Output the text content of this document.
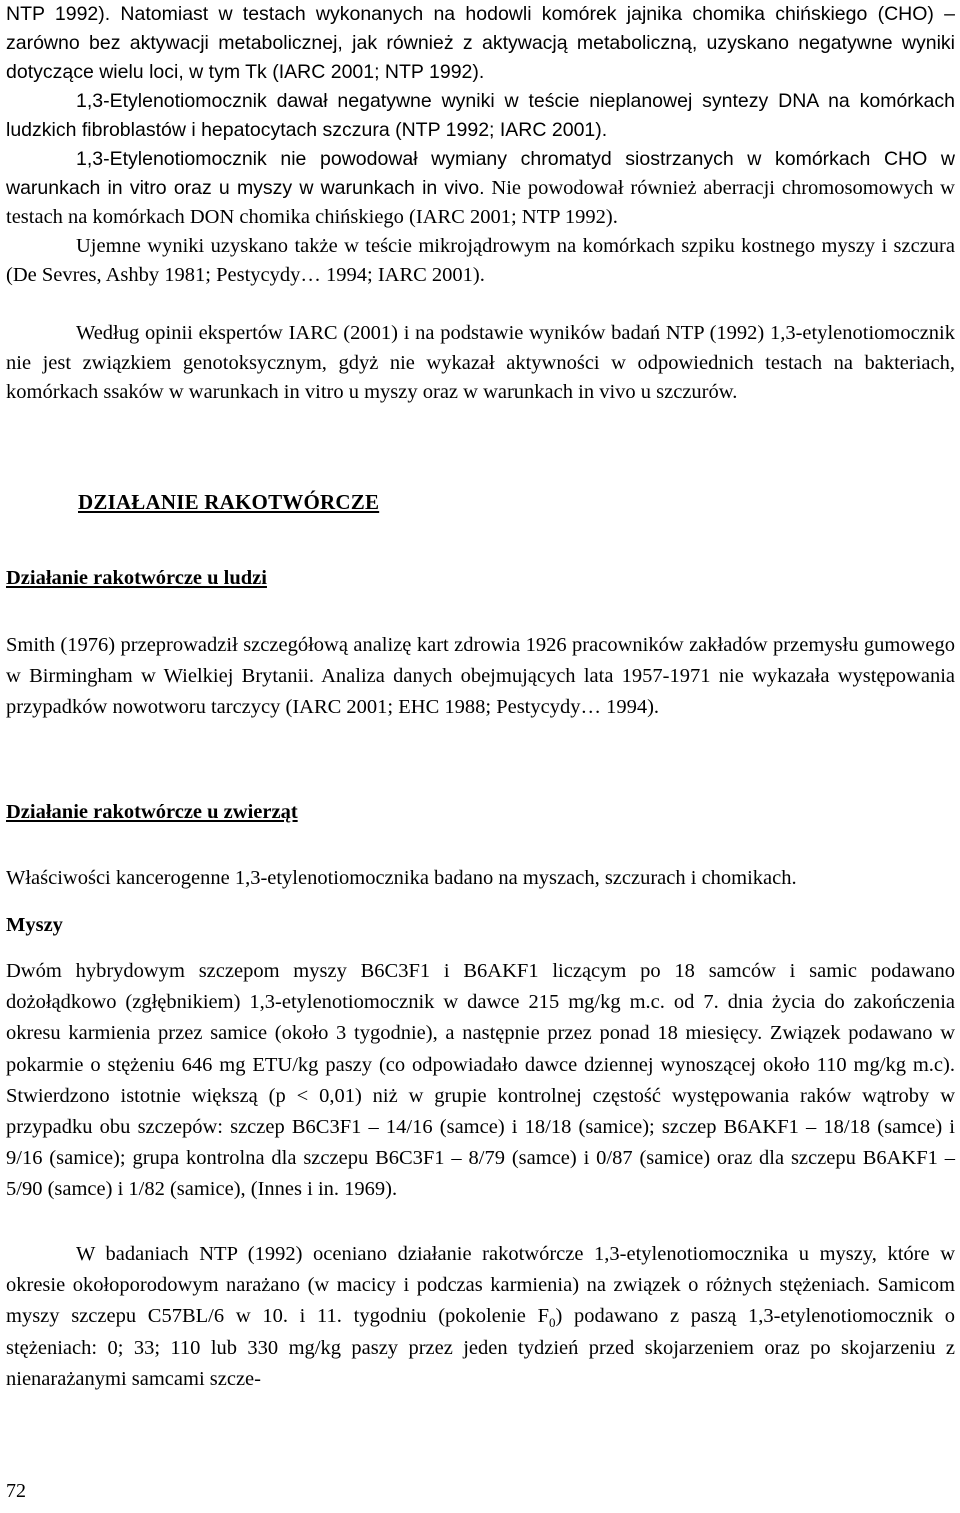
NTP 1992). Natomiast w testach wykonanych na hodowli komórek jajnika chomika chińskiego (CHO) – zarówno bez aktywacji metabolicznej, jak również z aktywacją metaboliczną, uzyskano negatywne wyniki dotyczące wielu loci, w tym Tk (IARC 2001; NTP 1992).

1,3-Etylenotiomocznik dawał negatywne wyniki w teście nieplanowej syntezy DNA na komórkach ludzkich fibroblastów i hepatocytach szczura (NTP 1992; IARC 2001).

1,3-Etylenotiomocznik nie powodował wymiany chromatyd siostrzanych w komórkach CHO w warunkach in vitro oraz u myszy w warunkach in vivo. Nie powodował również aberracji chromosomowych w testach na komórkach DON chomika chińskiego (IARC 2001; NTP 1992).

Ujemne wyniki uzyskano także w teście mikrojądrowym na komórkach szpiku kostnego myszy i szczura (De Sevres, Ashby 1981; Pestycydy… 1994; IARC 2001).

Według opinii ekspertów IARC (2001) i na podstawie wyników badań NTP (1992) 1,3-etylenotiomocznik nie jest związkiem genotoksycznym, gdyż nie wykazał aktywności w odpowiednich testach na bakteriach, komórkach ssaków w warunkach in vitro u myszy oraz w warunkach in vivo u szczurów.

DZIAŁANIE RAKOTWÓRCZE
Działanie rakotwórcze u ludzi

Smith (1976) przeprowadził szczegółową analizę kart zdrowia 1926 pracowników zakładów przemysłu gumowego w Birmingham w Wielkiej Brytanii. Analiza danych obejmujących lata 1957-1971 nie wykazała występowania przypadków nowotworu tarczycy (IARC 2001; EHC 1988; Pestycydy… 1994).

Działanie rakotwórcze u zwierząt

Właściwości kancerogenne 1,3-etylenotiomocznika badano na myszach, szczurach i chomikach.

Myszy

Dwóm hybrydowym szczepom myszy B6C3F1 i B6AKF1 liczącym po 18 samców i samic podawano dożołądkowo (zgłębnikiem) 1,3-etylenotiomocznik w dawce 215 mg/kg m.c. od 7. dnia życia do zakończenia okresu karmienia przez samice (około 3 tygodnie), a następnie przez ponad 18 miesięcy. Związek podawano w pokarmie o stężeniu 646 mg ETU/kg paszy (co odpowiadało dawce dziennej wynoszącej około 110 mg/kg m.c). Stwierdzono istotnie większą (p < 0,01) niż w grupie kontrolnej częstość występowania raków wątroby w przypadku obu szczepów: szczep B6C3F1 – 14/16 (samce) i 18/18 (samice); szczep B6AKF1 – 18/18 (samce) i 9/16 (samice); grupa kontrolna dla szczepu B6C3F1 – 8/79 (samce) i 0/87 (samice) oraz dla szczepu B6AKF1 – 5/90 (samce) i 1/82 (samice), (Innes i in. 1969).

W badaniach NTP (1992) oceniano działanie rakotwórcze 1,3-etylenotiomocznika u myszy, które w okresie okołoporodowym narażano (w macicy i podczas karmienia) na związek o różnych stężeniach. Samicom myszy szczepu C57BL/6 w 10. i 11. tygodniu (pokolenie $F_0$) podawano z paszą 1,3-etylenotiomocznik o stężeniach: 0; 33; 110 lub 330 mg/kg paszy przez jeden tydzień przed skojarzeniem oraz po skojarzeniu z nienarażanymi samcami szcze-

72
